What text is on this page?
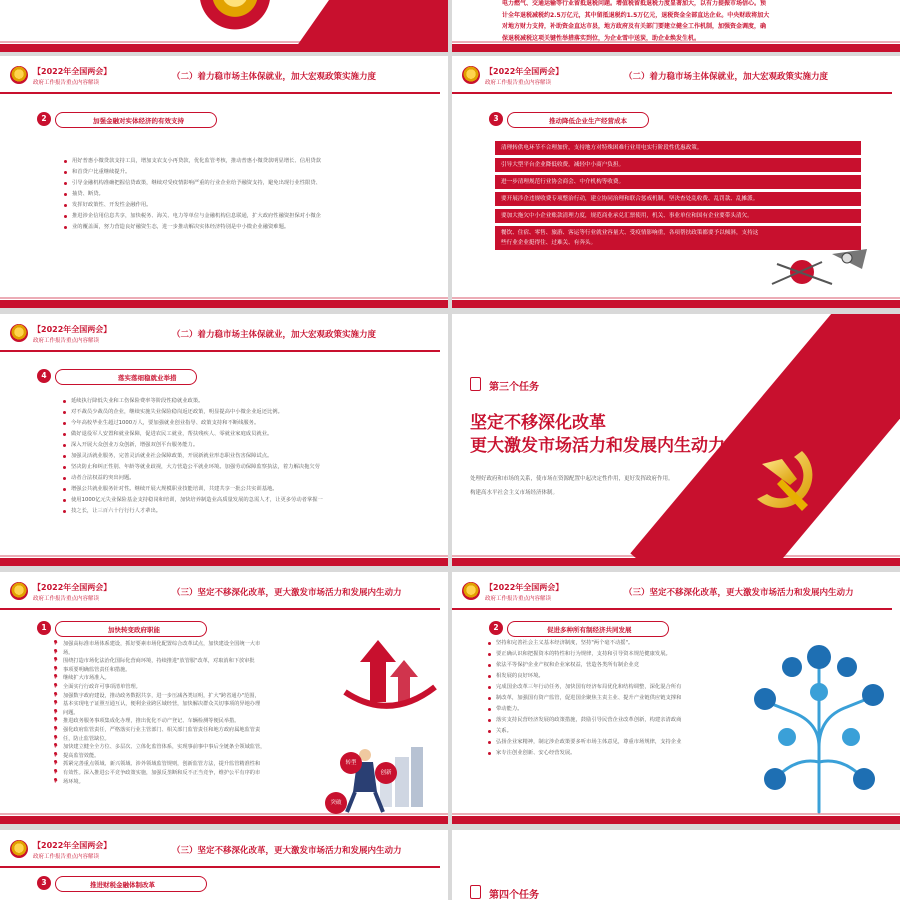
电力燃气、交通运输等行业留抵退税问题。增值税留抵退税力度显著加大，以有力提振市场信心。预
计全年退税减税约2.5万亿元，其中留抵退税约1.5万亿元，退税资金全部直达企业。中央财政将加大
对地方财力支持，补助资金直达市县，地方政府及有关部门要建立健全工作机制，加强资金调度，确
保退税减税这项关键性举措落实到位，为企业雪中送炭，助企业焕发生机。
【2022年全国两会】
政府工作报告重点内容解读
（二）着力稳市场主体保就业，加大宏观政策实施力度
2	加强金融对实体经济的有效支持
用好普惠小微贷款支持工具，增加支农支小再贷款，优化监管考核，推动普惠小微贷款明显增长、信用贷款
和首贷户比重继续提升。
引导金融机构准确把握信贷政策，继续对受疫情影响严重的行业企业给予融资支持，避免出现行业性限贷、
抽贷、断贷。
发挥好政策性、开发性金融作用。
推进涉企信用信息共享，加快税务、海关、电力等单位与金融机构信息联通，扩大政府性融资担保对小微企
业的覆盖面，努力营造良好融资生态，进一步推动解决实体经济特别是中小微企业融资难题。
【2022年全国两会】
政府工作报告重点内容解读
（二）着力稳市场主体保就业，加大宏观政策实施力度
3	推动降低企业生产经营成本
清理转供电环节不合理加价，支持地方对特殊困难行业用电实行阶段性优惠政策。
引导大型平台企业降低收费，减轻中小商户负担。
进一步清理规范行业协会商会、中介机构等收费。
要开展涉企违规收费专项整治行动，建立协同治理和联合惩戒机制，坚决查处乱收费、乱罚款、乱摊派。
要加大拖欠中小企业账款清理力度，规范商业承兑汇票使用，机关、事业单位和国有企业要带头清欠。
餐饮、住宿、零售、旅游、客运等行业就业容量大、受疫情影响重，各项帮扶政策都要予以倾斜，支持这
些行业企业挺得住、过难关、有奔头。
【2022年全国两会】
政府工作报告重点内容解读
（二）着力稳市场主体保就业，加大宏观政策实施力度
4	落实落细稳就业举措
延续执行降低失业和工伤保险费率等阶段性稳就业政策。
对不裁员少裁员的企业，继续实施失业保险稳岗返还政策，明显提高中小微企业返还比例。
今年高校毕业生超过1000万人，要加强就业创业指导、政策支持和不断线服务。
做好退役军人安置和就业保障，促进农民工就业，帮扶残疾人、零就业家庭成员就业。
深入开展大众创业万众创新，增强双创平台服务能力。
加强灵活就业服务，完善灵活就业社会保障政策，开展新就业形态职业伤害保障试点。
坚决防止和纠正性别、年龄等就业歧视，大力营造公平就业环境。加强劳动保障监察执法，着力解决拖欠劳
动者合法权益的突出问题。
增强公共就业服务针对性。继续开展大规模职业技能培训，共建共享一批公共实训基地。
使用1000亿元失业保险基金支持稳岗和培训，加快培养制造业高质量发展的急需人才，让更多劳动者掌握一
技之长，让三百六十行行行人才辈出。
第三个任务
坚定不移深化改革
更大激发市场活力和发展内生动力
处理好政府和市场的关系，使市场在资源配置中起决定性作用，更好发挥政府作用。
构建高水平社会主义市场经济体制。
【2022年全国两会】
政府工作报告重点内容解读
（三）坚定不移深化改革，更大激发市场活力和发展内生动力
1	加快转变政府职能
✔ 加强高标准市场体系建设，抓好要素市场化配置综合改革试点，加快建设全国统一大市
✔ 场。
✔ 围绕打造市场化法治化国际化营商环境，持续推进"放管服"改革，对取消和下放审批
✔ 事项要明确监管责任和措施。
✔ 继续扩大市场准入。
✔ 全面实行行政许可事项清单管理。
✔ 加强数字政府建设，推动政务数据共享，进一步压减各类证明，扩大"跨省通办"范围，
✔ 基本实现电子证照互通互认，便利企业跨区域经营，加快解决群众关切事项的异地办理
✔ 问题。
✔ 推进政务服务事项集成化办理，推出优化不动产登记、车辆检测等便民举措。
✔ 强化政府监管责任，严格落实行业主管部门、相关部门监管责任和地方政府属地监管责
✔ 任，防止监管缺位。
✔ 加快建立健全全方位、多层次、立体化监管体系，实现事前事中事后全链条全领域监管，
✔ 提高监管效能。
✔ 抓紧完善重点领域、新兴领域、涉外领域监管规则，创新监管方法，提升监管精准性和
✔ 有效性。深入推进公平竞争政策实施，加强反垄断和反不正当竞争，维护公平有序的市
✔ 场环境。
转型
创新
突破
【2022年全国两会】
政府工作报告重点内容解读
（三）坚定不移深化改革，更大激发市场活力和发展内生动力
2	促进多种所有制经济共同发展
坚持和完善社会主义基本经济制度，坚持"两个毫不动摇"。
要正确认识和把握资本的特性和行为规律，支持和引导资本规范健康发展。
依法平等保护企业产权和企业家权益，营造各类所有制企业竞
相发展的良好环境。
完成国企改革三年行动任务，加快国有经济布局优化和结构调整，深化混合所有
制改革，加强国有资产监管，促进国企聚焦主责主业、提升产业链供应链支撑和
带动能力。
落实支持民营经济发展的政策措施，鼓励引导民营企业改革创新，构建亲清政商
关系。
弘扬企业家精神，制定涉企政策要多听市场主体意见，尊重市场规律，支持企业
家专注创业创新、安心经营发展。
【2022年全国两会】
政府工作报告重点内容解读
（三）坚定不移深化改革，更大激发市场活力和发展内生动力
3	推进财税金融体制改革
第四个任务
